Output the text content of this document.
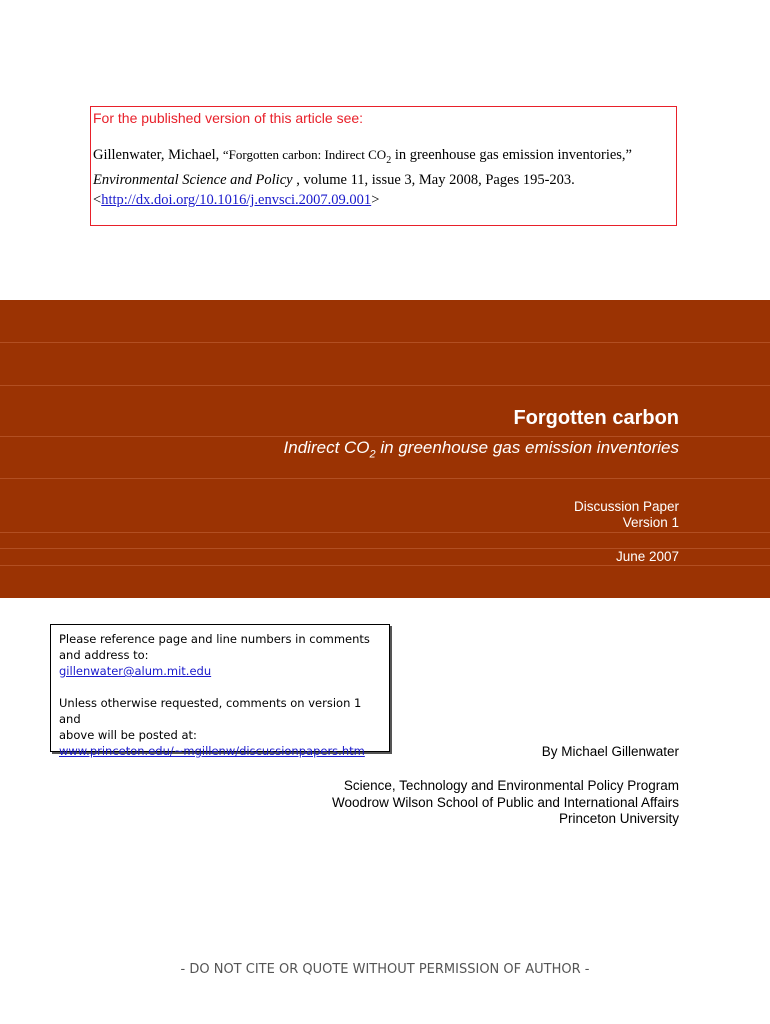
For the published version of this article see:
Gillenwater, Michael, “Forgotten carbon: Indirect $CO_2$ in greenhouse gas emission inventories,”
Environmental Science and Policy , volume 11, issue 3, May 2008, Pages 195-203.
<http://dx.doi.org/10.1016/j.envsci.2007.09.001>
Forgotten carbon
Indirect $CO_2$ in greenhouse gas emission inventories
Discussion Paper
Version 1
June 2007

Please reference page and line numbers in comments

and address to:

gillenwater@alum.mit.edu

Unless otherwise requested, comments on version 1 and

above will be posted at:

www.princeton.edu/~mgillenw/discussionpapers.htm	By Michael Gillenwater
Science, Technology and Environmental Policy Program
Woodrow Wilson School of Public and International Affairs
Princeton University
- DO NOT CITE OR QUOTE WITHOUT PERMISSION OF AUTHOR -
